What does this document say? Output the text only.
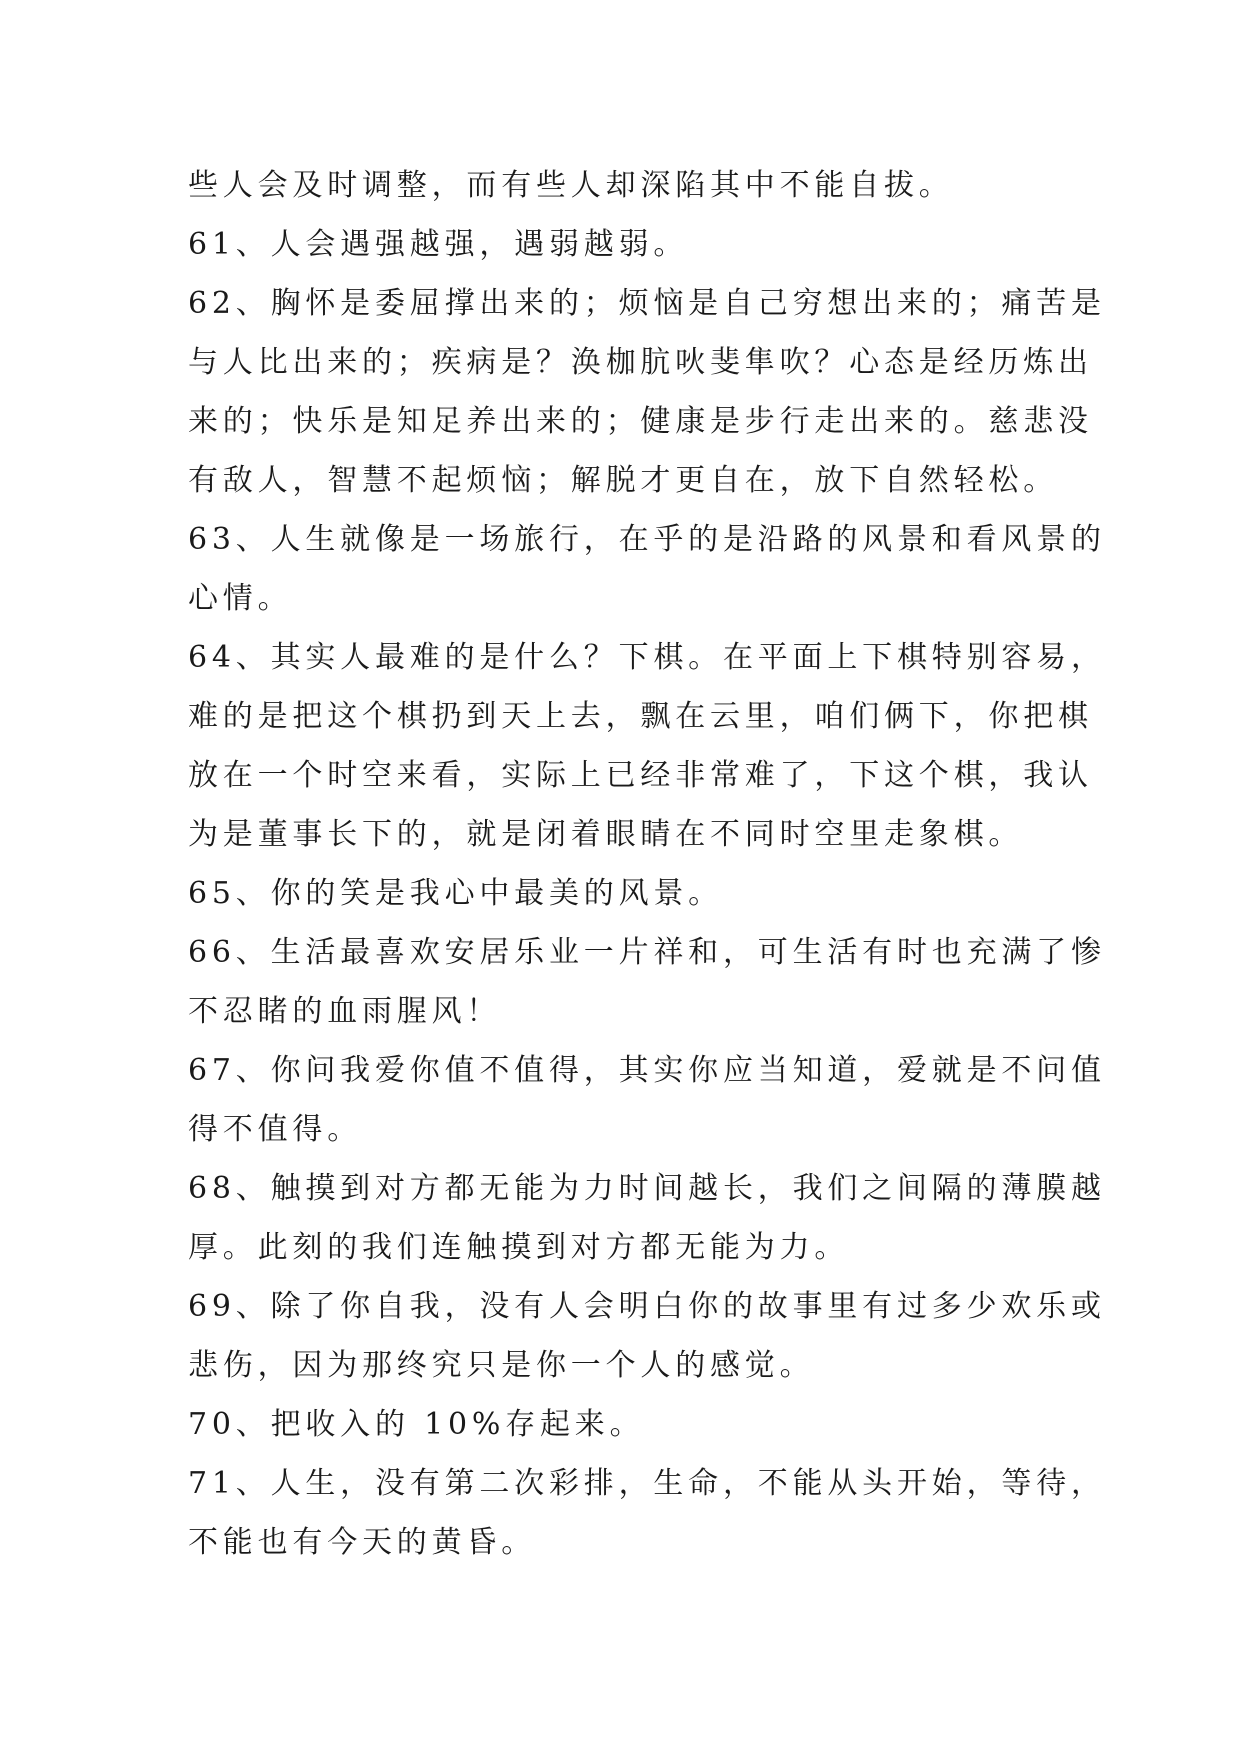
些人会及时调整，而有些人却深陷其中不能自拔。
61、人会遇强越强，遇弱越弱。
62、胸怀是委屈撑出来的；烦恼是自己穷想出来的；痛苦是
与人比出来的；疾病是？涣枷肮吙斐隼吹？心态是经历炼出
来的；快乐是知足养出来的；健康是步行走出来的。慈悲没
有敌人，智慧不起烦恼；解脱才更自在，放下自然轻松。
63、人生就像是一场旅行，在乎的是沿路的风景和看风景的
心情。
64、其实人最难的是什么？下棋。在平面上下棋特别容易，
难的是把这个棋扔到天上去，飘在云里，咱们俩下，你把棋
放在一个时空来看，实际上已经非常难了，下这个棋，我认
为是董事长下的，就是闭着眼睛在不同时空里走象棋。
65、你的笑是我心中最美的风景。
66、生活最喜欢安居乐业一片祥和，可生活有时也充满了惨
不忍睹的血雨腥风！
67、你问我爱你值不值得，其实你应当知道，爱就是不问值
得不值得。
68、触摸到对方都无能为力时间越长，我们之间隔的薄膜越
厚。此刻的我们连触摸到对方都无能为力。
69、除了你自我，没有人会明白你的故事里有过多少欢乐或
悲伤，因为那终究只是你一个人的感觉。
70、把收入的 10%存起来。
71、人生，没有第二次彩排，生命，不能从头开始，等待，
不能也有今天的黄昏。
